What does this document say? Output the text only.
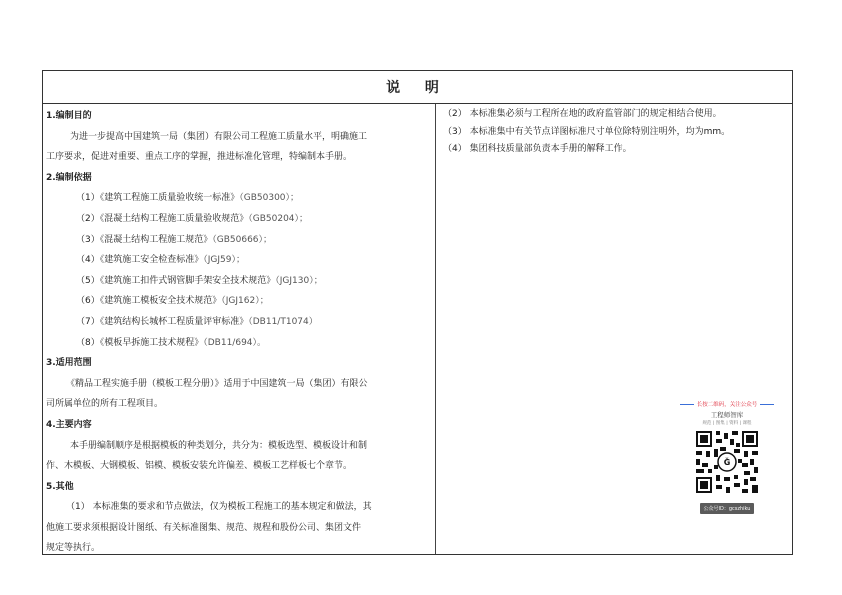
说 明
1.编制目的
为进一步提高中国建筑一局（集团）有限公司工程施工质量水平，明确施工
工序要求，促进对重要、重点工序的掌握，推进标准化管理，特编制本手册。
2.编制依据
（1）《建筑工程施工质量验收统一标准》（GB50300）；
（2）《混凝土结构工程施工质量验收规范》（GB50204）；
（3）《混凝土结构工程施工规范》（GB50666）；
（4）《建筑施工安全检查标准》（JGJ59）；
（5）《建筑施工扣件式钢管脚手架安全技术规范》（JGJ130）；
（6）《建筑施工模板安全技术规范》（JGJ162）；
（7）《建筑结构长城杯工程质量评审标准》（DB11/T1074）
（8）《模板早拆施工技术规程》（DB11/694）。
3.适用范围
《精品工程实施手册（模板工程分册）》适用于中国建筑一局（集团）有限公
司所属单位的所有工程项目。
4.主要内容
本手册编制顺序是根据模板的种类划分，共分为：模板选型、模板设计和制
作、木模板、大钢模板、铝模、模板安装允许偏差、模板工艺样板七个章节。
5.其他
（1） 本标准集的要求和节点做法，仅为模板工程施工的基本规定和做法，其
他施工要求须根据设计图纸、有关标准图集、规范、规程和股份公司、集团文件
规定等执行。
（2） 本标准集必须与工程所在地的政府监管部门的规定相结合使用。
（3） 本标准集中有关节点详图标准尺寸单位除特别注明外，均为mm。
（4） 集团科技质量部负责本手册的解释工作。
长按二维码，关注公众号
工程师智库
规范 | 图集 | 资料 | 课程
Ğ
公众号ID：gcszhiku
